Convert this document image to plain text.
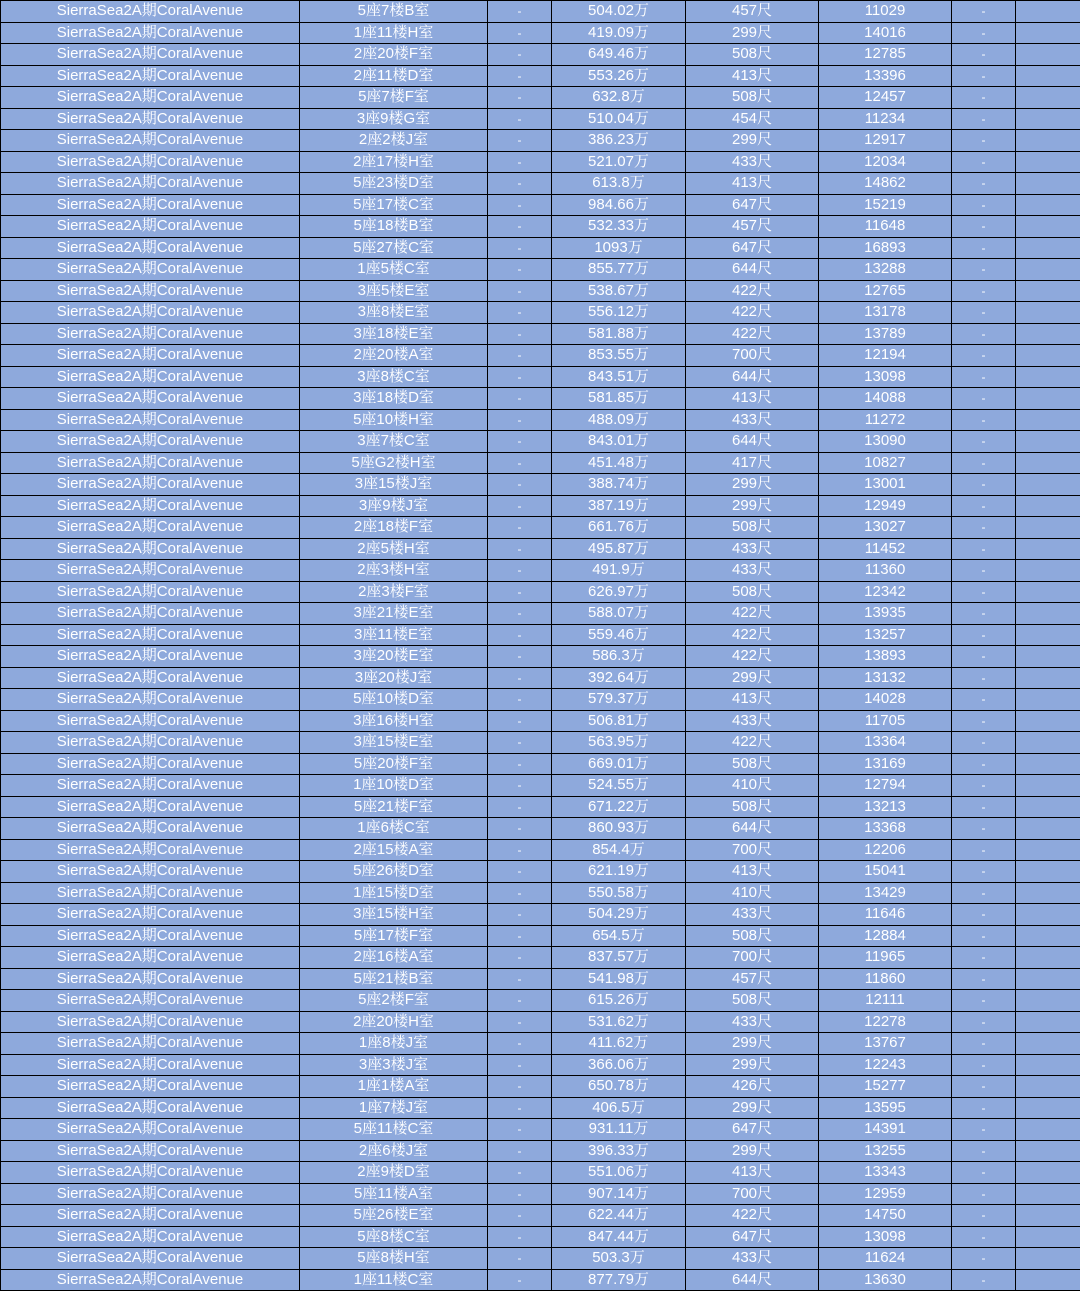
SierraSea2A期CoralAvenue	5座7楼B室	-	504.02万	457尺	11029	-	
SierraSea2A期CoralAvenue	1座11楼H室	-	419.09万	299尺	14016	-	
SierraSea2A期CoralAvenue	2座20楼F室	-	649.46万	508尺	12785	-	
SierraSea2A期CoralAvenue	2座11楼D室	-	553.26万	413尺	13396	-	
SierraSea2A期CoralAvenue	5座7楼F室	-	632.8万	508尺	12457	-	
SierraSea2A期CoralAvenue	3座9楼G室	-	510.04万	454尺	11234	-	
SierraSea2A期CoralAvenue	2座2楼J室	-	386.23万	299尺	12917	-	
SierraSea2A期CoralAvenue	2座17楼H室	-	521.07万	433尺	12034	-	
SierraSea2A期CoralAvenue	5座23楼D室	-	613.8万	413尺	14862	-	
SierraSea2A期CoralAvenue	5座17楼C室	-	984.66万	647尺	15219	-	
SierraSea2A期CoralAvenue	5座18楼B室	-	532.33万	457尺	11648	-	
SierraSea2A期CoralAvenue	5座27楼C室	-	1093万	647尺	16893	-	
SierraSea2A期CoralAvenue	1座5楼C室	-	855.77万	644尺	13288	-	
SierraSea2A期CoralAvenue	3座5楼E室	-	538.67万	422尺	12765	-	
SierraSea2A期CoralAvenue	3座8楼E室	-	556.12万	422尺	13178	-	
SierraSea2A期CoralAvenue	3座18楼E室	-	581.88万	422尺	13789	-	
SierraSea2A期CoralAvenue	2座20楼A室	-	853.55万	700尺	12194	-	
SierraSea2A期CoralAvenue	3座8楼C室	-	843.51万	644尺	13098	-	
SierraSea2A期CoralAvenue	3座18楼D室	-	581.85万	413尺	14088	-	
SierraSea2A期CoralAvenue	5座10楼H室	-	488.09万	433尺	11272	-	
SierraSea2A期CoralAvenue	3座7楼C室	-	843.01万	644尺	13090	-	
SierraSea2A期CoralAvenue	5座G2楼H室	-	451.48万	417尺	10827	-	
SierraSea2A期CoralAvenue	3座15楼J室	-	388.74万	299尺	13001	-	
SierraSea2A期CoralAvenue	3座9楼J室	-	387.19万	299尺	12949	-	
SierraSea2A期CoralAvenue	2座18楼F室	-	661.76万	508尺	13027	-	
SierraSea2A期CoralAvenue	2座5楼H室	-	495.87万	433尺	11452	-	
SierraSea2A期CoralAvenue	2座3楼H室	-	491.9万	433尺	11360	-	
SierraSea2A期CoralAvenue	2座3楼F室	-	626.97万	508尺	12342	-	
SierraSea2A期CoralAvenue	3座21楼E室	-	588.07万	422尺	13935	-	
SierraSea2A期CoralAvenue	3座11楼E室	-	559.46万	422尺	13257	-	
SierraSea2A期CoralAvenue	3座20楼E室	-	586.3万	422尺	13893	-	
SierraSea2A期CoralAvenue	3座20楼J室	-	392.64万	299尺	13132	-	
SierraSea2A期CoralAvenue	5座10楼D室	-	579.37万	413尺	14028	-	
SierraSea2A期CoralAvenue	3座16楼H室	-	506.81万	433尺	11705	-	
SierraSea2A期CoralAvenue	3座15楼E室	-	563.95万	422尺	13364	-	
SierraSea2A期CoralAvenue	5座20楼F室	-	669.01万	508尺	13169	-	
SierraSea2A期CoralAvenue	1座10楼D室	-	524.55万	410尺	12794	-	
SierraSea2A期CoralAvenue	5座21楼F室	-	671.22万	508尺	13213	-	
SierraSea2A期CoralAvenue	1座6楼C室	-	860.93万	644尺	13368	-	
SierraSea2A期CoralAvenue	2座15楼A室	-	854.4万	700尺	12206	-	
SierraSea2A期CoralAvenue	5座26楼D室	-	621.19万	413尺	15041	-	
SierraSea2A期CoralAvenue	1座15楼D室	-	550.58万	410尺	13429	-	
SierraSea2A期CoralAvenue	3座15楼H室	-	504.29万	433尺	11646	-	
SierraSea2A期CoralAvenue	5座17楼F室	-	654.5万	508尺	12884	-	
SierraSea2A期CoralAvenue	2座16楼A室	-	837.57万	700尺	11965	-	
SierraSea2A期CoralAvenue	5座21楼B室	-	541.98万	457尺	11860	-	
SierraSea2A期CoralAvenue	5座2楼F室	-	615.26万	508尺	12111	-	
SierraSea2A期CoralAvenue	2座20楼H室	-	531.62万	433尺	12278	-	
SierraSea2A期CoralAvenue	1座8楼J室	-	411.62万	299尺	13767	-	
SierraSea2A期CoralAvenue	3座3楼J室	-	366.06万	299尺	12243	-	
SierraSea2A期CoralAvenue	1座1楼A室	-	650.78万	426尺	15277	-	
SierraSea2A期CoralAvenue	1座7楼J室	-	406.5万	299尺	13595	-	
SierraSea2A期CoralAvenue	5座11楼C室	-	931.11万	647尺	14391	-	
SierraSea2A期CoralAvenue	2座6楼J室	-	396.33万	299尺	13255	-	
SierraSea2A期CoralAvenue	2座9楼D室	-	551.06万	413尺	13343	-	
SierraSea2A期CoralAvenue	5座11楼A室	-	907.14万	700尺	12959	-	
SierraSea2A期CoralAvenue	5座26楼E室	-	622.44万	422尺	14750	-	
SierraSea2A期CoralAvenue	5座8楼C室	-	847.44万	647尺	13098	-	
SierraSea2A期CoralAvenue	5座8楼H室	-	503.3万	433尺	11624	-	
SierraSea2A期CoralAvenue	1座11楼C室	-	877.79万	644尺	13630	-	
